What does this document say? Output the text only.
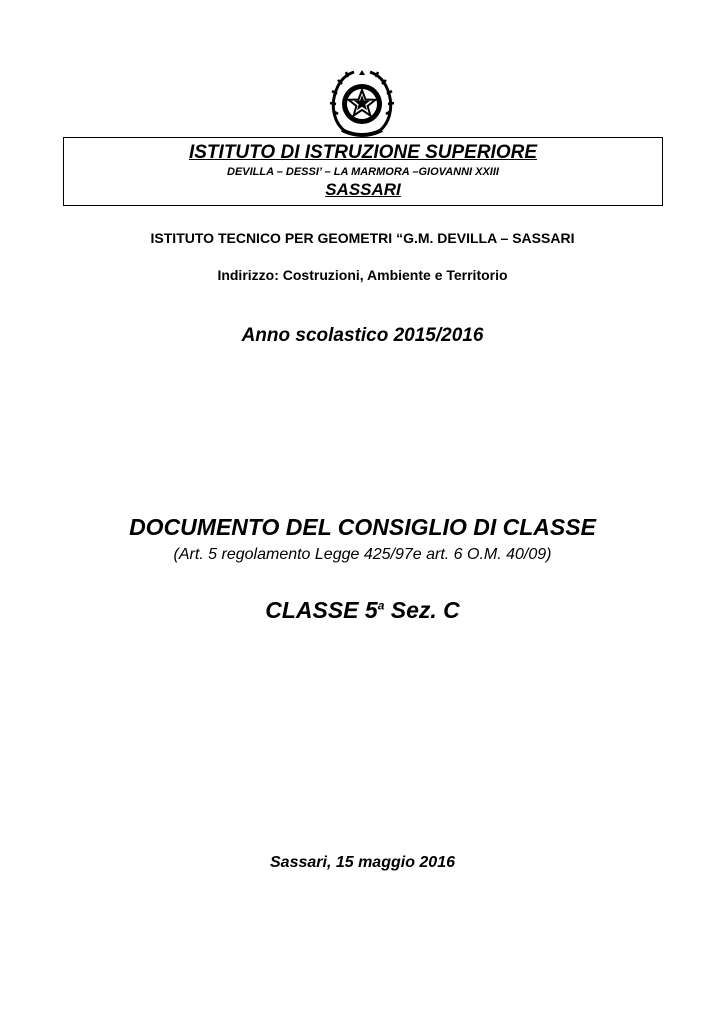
ISTITUTO DI ISTRUZIONE SUPERIORE
DEVILLA – DESSI’ – LA MARMORA –GIOVANNI XXIII
SASSARI
ISTITUTO TECNICO PER GEOMETRI “G.M. DEVILLA – SASSARI
Indirizzo: Costruzioni, Ambiente e Territorio
Anno scolastico 2015/2016
DOCUMENTO DEL CONSIGLIO DI CLASSE
(Art. 5 regolamento Legge 425/97e art. 6 O.M. 40/09)
CLASSE 5$^a$ Sez. C
Sassari, 15 maggio 2016
